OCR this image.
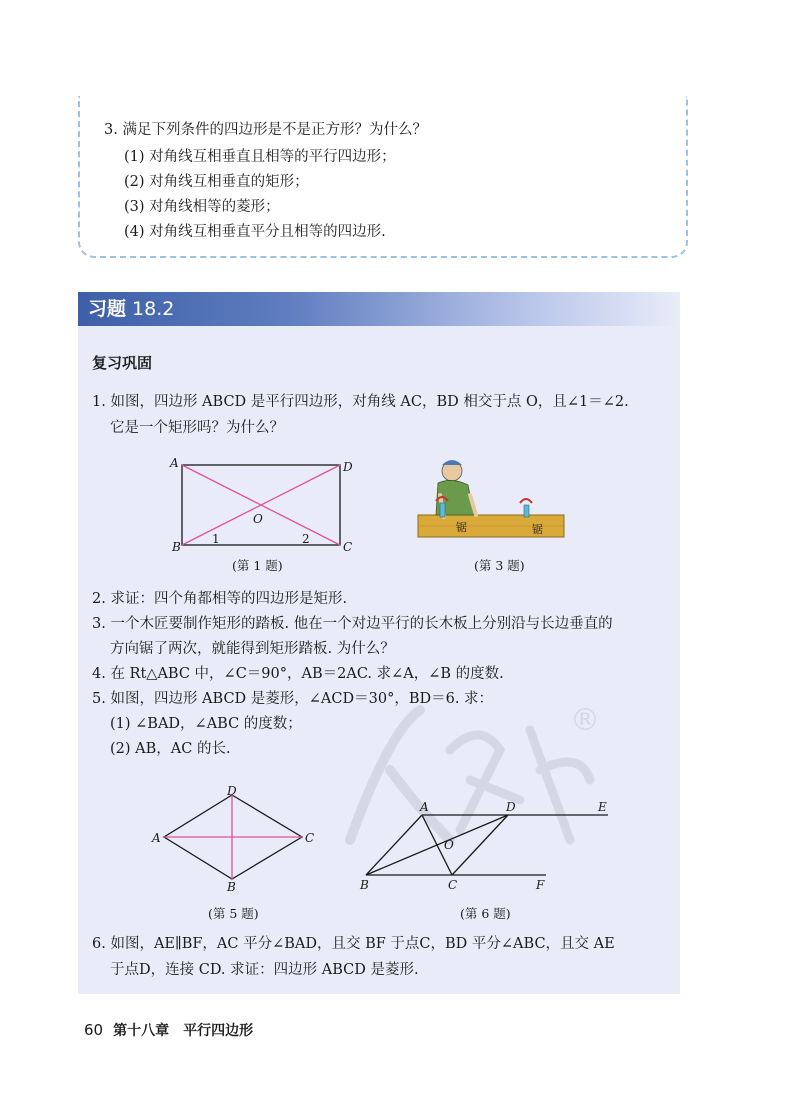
3. 满足下列条件的四边形是不是正方形？为什么？
(1) 对角线互相垂直且相等的平行四边形；
(2) 对角线互相垂直的矩形；
(3) 对角线相等的菱形；
(4) 对角线互相垂直平分且相等的四边形.
习题 18.2
复习巩固
1. 如图，四边形 ABCD 是平行四边形，对角线 AC，BD 相交于点 O，且∠1＝∠2.
它是一个矩形吗？为什么？
A	D
B	C
O
1	2
(第 1 题)
锯	锯
(第 3 题)
2. 求证：四个角都相等的四边形是矩形.
3. 一个木匠要制作矩形的踏板. 他在一个对边平行的长木板上分别沿与长边垂直的
方向锯了两次，就能得到矩形踏板. 为什么？
4. 在 Rt△ABC 中，∠C＝90°，AB＝2AC. 求∠A，∠B 的度数.
5. 如图，四边形 ABCD 是菱形，∠ACD＝30°，BD＝6. 求：
(1) ∠BAD，∠ABC 的度数；
(2) AB，AC 的长.
®
D
A	C
B
(第 5 题)
A	D	E
B	C	F
O
(第 6 题)
6. 如图，AE∥BF，AC 平分∠BAD，且交 BF 于点C，BD 平分∠ABC，且交 AE
于点D，连接 CD. 求证：四边形 ABCD 是菱形.
60 第十八章　平行四边形
